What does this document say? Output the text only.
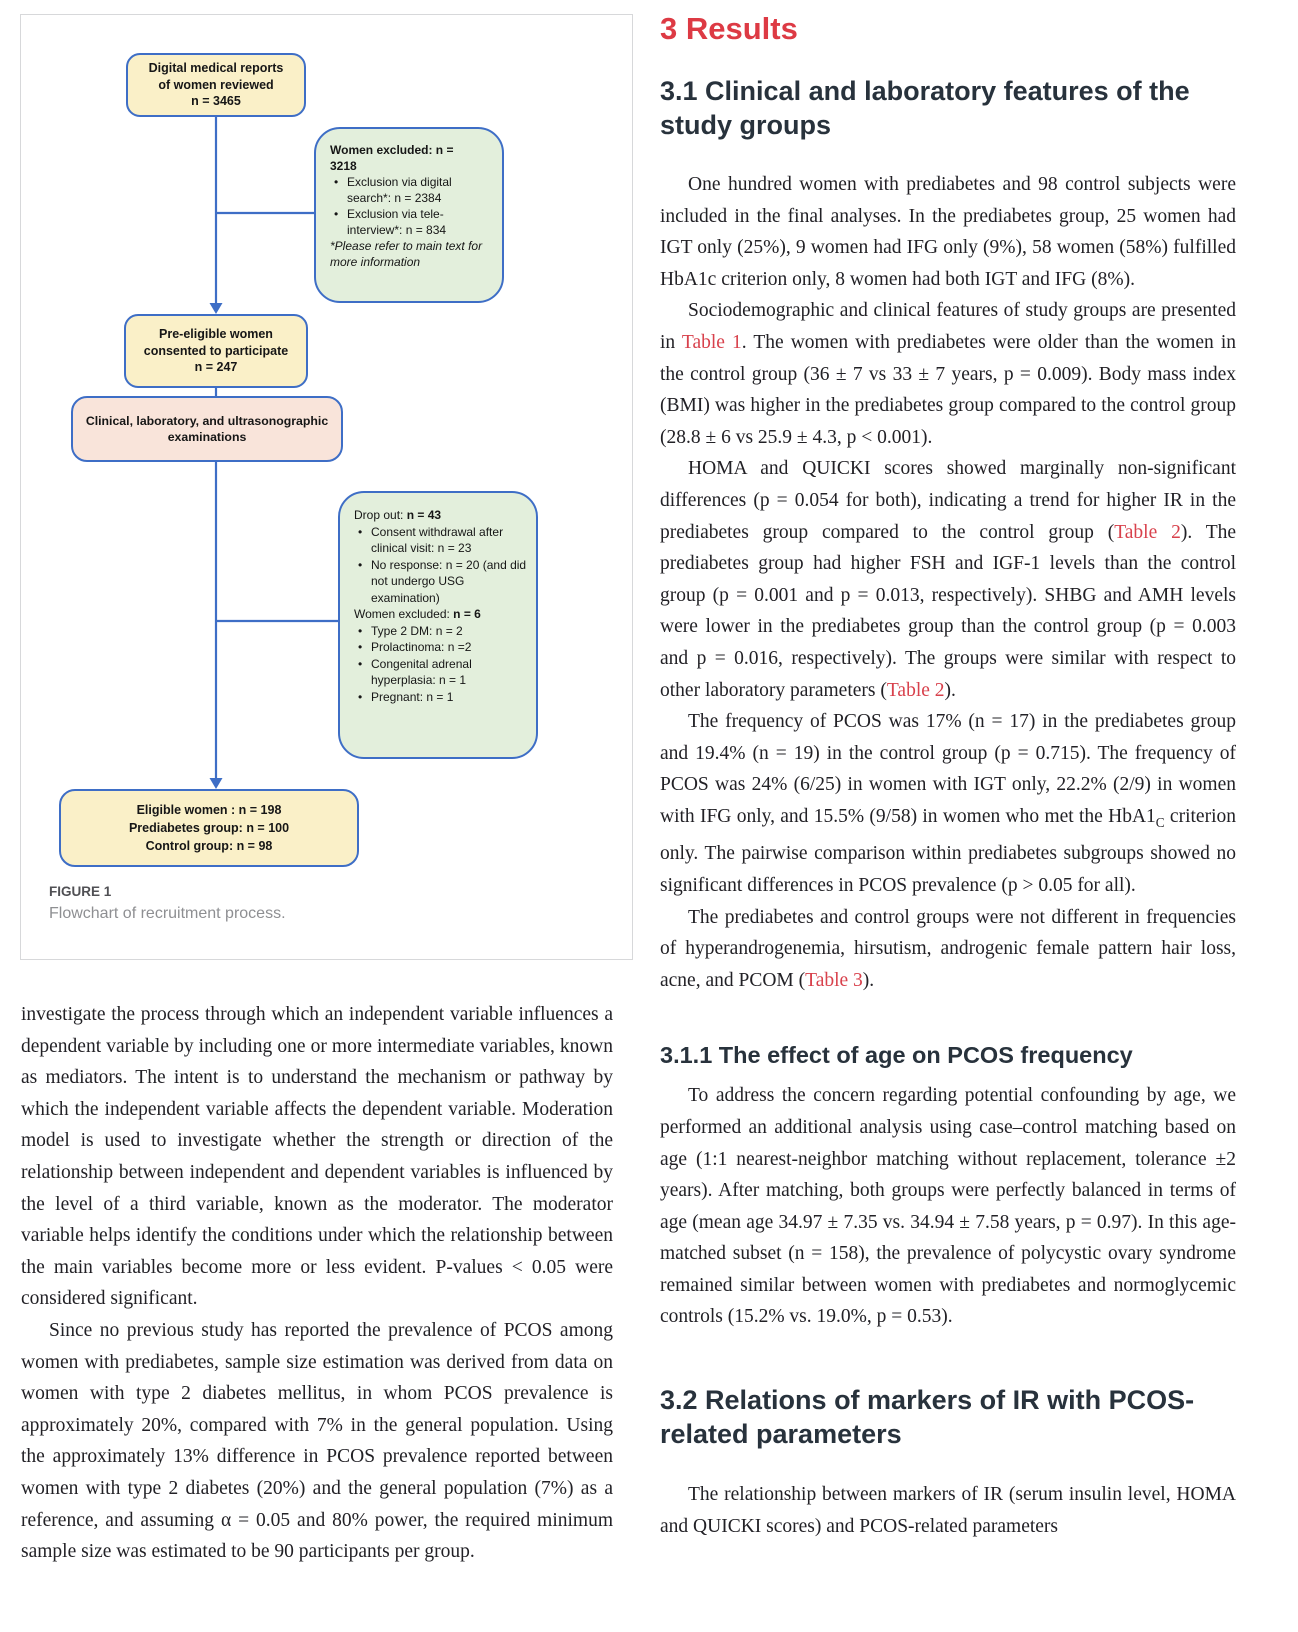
Digital medical reports
of women reviewed
n = 3465
Women excluded: n =
3218
• Exclusion via digital search*: n = 2384
• Exclusion via tele-interview*: n = 834
*Please refer to main text for more information
Pre-eligible women
consented to participate
n = 247
Clinical, laboratory, and ultrasonographic
examinations
Drop out: n = 43
• Consent withdrawal after clinical visit: n = 23
• No response: n = 20 (and did not undergo USG examination)
Women excluded: n = 6
• Type 2 DM: n = 2
• Prolactinoma: n =2
• Congenital adrenal hyperplasia: n = 1
• Pregnant: n = 1
Eligible women : n = 198
Prediabetes group: n = 100
Control group: n = 98
FIGURE 1
Flowchart of recruitment process.

investigate the process through which an independent variable influences a dependent variable by including one or more intermediate variables, known as mediators. The intent is to understand the mechanism or pathway by which the independent variable affects the dependent variable. Moderation model is used to investigate whether the strength or direction of the relationship between independent and dependent variables is influenced by the level of a third variable, known as the moderator. The moderator variable helps identify the conditions under which the relationship between the main variables become more or less evident. P-values < 0.05 were considered significant.

Since no previous study has reported the prevalence of PCOS among women with prediabetes, sample size estimation was derived from data on women with type 2 diabetes mellitus, in whom PCOS prevalence is approximately 20%, compared with 7% in the general population. Using the approximately 13% difference in PCOS prevalence reported between women with type 2 diabetes (20%) and the general population (7%) as a reference, and assuming α = 0.05 and 80% power, the required minimum sample size was estimated to be 90 participants per group.

3 Results
3.1 Clinical and laboratory features of the
study groups

One hundred women with prediabetes and 98 control subjects were included in the final analyses. In the prediabetes group, 25 women had IGT only (25%), 9 women had IFG only (9%), 58 women (58%) fulfilled HbA1c criterion only, 8 women had both IGT and IFG (8%).

Sociodemographic and clinical features of study groups are presented in Table 1. The women with prediabetes were older than the women in the control group (36 ± 7 vs 33 ± 7 years, p = 0.009). Body mass index (BMI) was higher in the prediabetes group compared to the control group (28.8 ± 6 vs 25.9 ± 4.3, p < 0.001).

HOMA and QUICKI scores showed marginally non-significant differences (p = 0.054 for both), indicating a trend for higher IR in the prediabetes group compared to the control group (Table 2). The prediabetes group had higher FSH and IGF-1 levels than the control group (p = 0.001 and p = 0.013, respectively). SHBG and AMH levels were lower in the prediabetes group than the control group (p = 0.003 and p = 0.016, respectively). The groups were similar with respect to other laboratory parameters (Table 2).

The frequency of PCOS was 17% (n = 17) in the prediabetes group and 19.4% (n = 19) in the control group (p = 0.715). The frequency of PCOS was 24% (6/25) in women with IGT only, 22.2% (2/9) in women with IFG only, and 15.5% (9/58) in women who met the $HbA1_C$ criterion only. The pairwise comparison within prediabetes subgroups showed no significant differences in PCOS prevalence (p > 0.05 for all).

The prediabetes and control groups were not different in frequencies of hyperandrogenemia, hirsutism, androgenic female pattern hair loss, acne, and PCOM (Table 3).

3.1.1 The effect of age on PCOS frequency

To address the concern regarding potential confounding by age, we performed an additional analysis using case–control matching based on age (1:1 nearest-neighbor matching without replacement, tolerance ±2 years). After matching, both groups were perfectly balanced in terms of age (mean age 34.97 ± 7.35 vs. 34.94 ± 7.58 years, p = 0.97). In this age-matched subset (n = 158), the prevalence of polycystic ovary syndrome remained similar between women with prediabetes and normoglycemic controls (15.2% vs. 19.0%, p = 0.53).

3.2 Relations of markers of IR with PCOS-
related parameters

The relationship between markers of IR (serum insulin level, HOMA and QUICKI scores) and PCOS-related parameters
